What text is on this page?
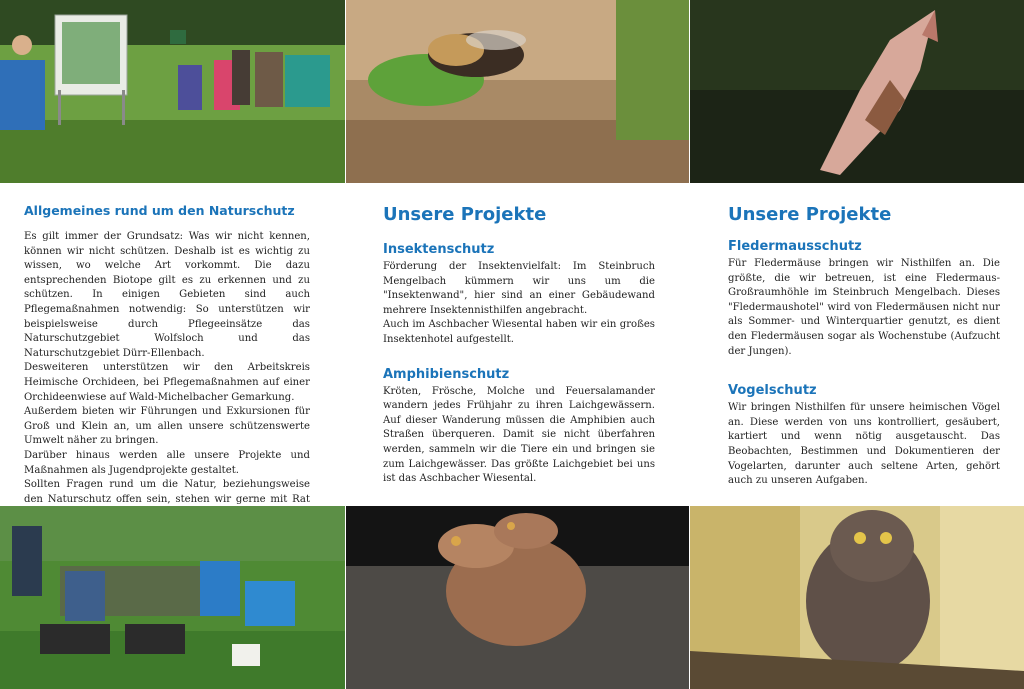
Allgemeines rund um den Naturschutz

Es gilt immer der Grundsatz: Was wir nicht kennen, können wir nicht schützen. Deshalb ist es wichtig zu wissen, wo welche Art vorkommt. Die dazu entsprechenden Biotope gilt es zu erkennen und zu schützen. In einigen Gebieten sind auch Pflegemaßnahmen notwendig: So unterstützen wir beispielsweise durch Pflegeeinsätze das Naturschutzgebiet Wolfsloch und das Naturschutzgebiet Dürr-Ellenbach.
Desweiteren unterstützen wir den Arbeitskreis Heimische Orchideen, bei Pflegemaßnahmen auf einer Orchideenwiese auf Wald-Michelbacher Gemarkung.
Außerdem bieten wir Führungen und Exkursionen für Groß und Klein an, um allen unsere schützenswerte Umwelt näher zu bringen.
Darüber hinaus werden alle unsere Projekte und Maßnahmen als Jugendprojekte gestaltet.
Sollten Fragen rund um die Natur, beziehungsweise den Naturschutz offen sein, stehen wir gerne mit Rat

Unsere Projekte
Insektenschutz

Förderung der Insektenvielfalt: Im Steinbruch Mengelbach kümmern wir uns um die "Insektenwand", hier sind an einer Gebäudewand mehrere Insektennisthilfen angebracht.
Auch im Aschbacher Wiesental haben wir ein großes Insektenhotel aufgestellt.

Amphibienschutz

Kröten, Frösche, Molche und Feuersalamander wandern jedes Frühjahr zu ihren Laichgewässern. Auf dieser Wanderung müssen die Amphibien auch Straßen überqueren. Damit sie nicht überfahren werden, sammeln wir die Tiere ein und bringen sie zum Laichgewässer. Das größte Laichgebiet bei uns ist das Aschbacher Wiesental.

Unsere Projekte
Fledermausschutz

Für Fledermäuse bringen wir Nisthilfen an. Die größte, die wir betreuen, ist eine Fledermaus- Großraumhöhle im Steinbruch Mengelbach. Dieses "Fledermaushotel" wird von Fledermäusen nicht nur als Sommer- und Winterquartier genutzt, es dient den Fledermäusen sogar als Wochenstube (Aufzucht der Jungen).

Vogelschutz

Wir bringen Nisthilfen für unsere heimischen Vögel an. Diese werden von uns kontrolliert, gesäubert, kartiert und wenn nötig ausgetauscht. Das Beobachten, Bestimmen und Dokumentieren der Vogelarten, darunter auch seltene Arten, gehört auch zu unseren Aufgaben.
